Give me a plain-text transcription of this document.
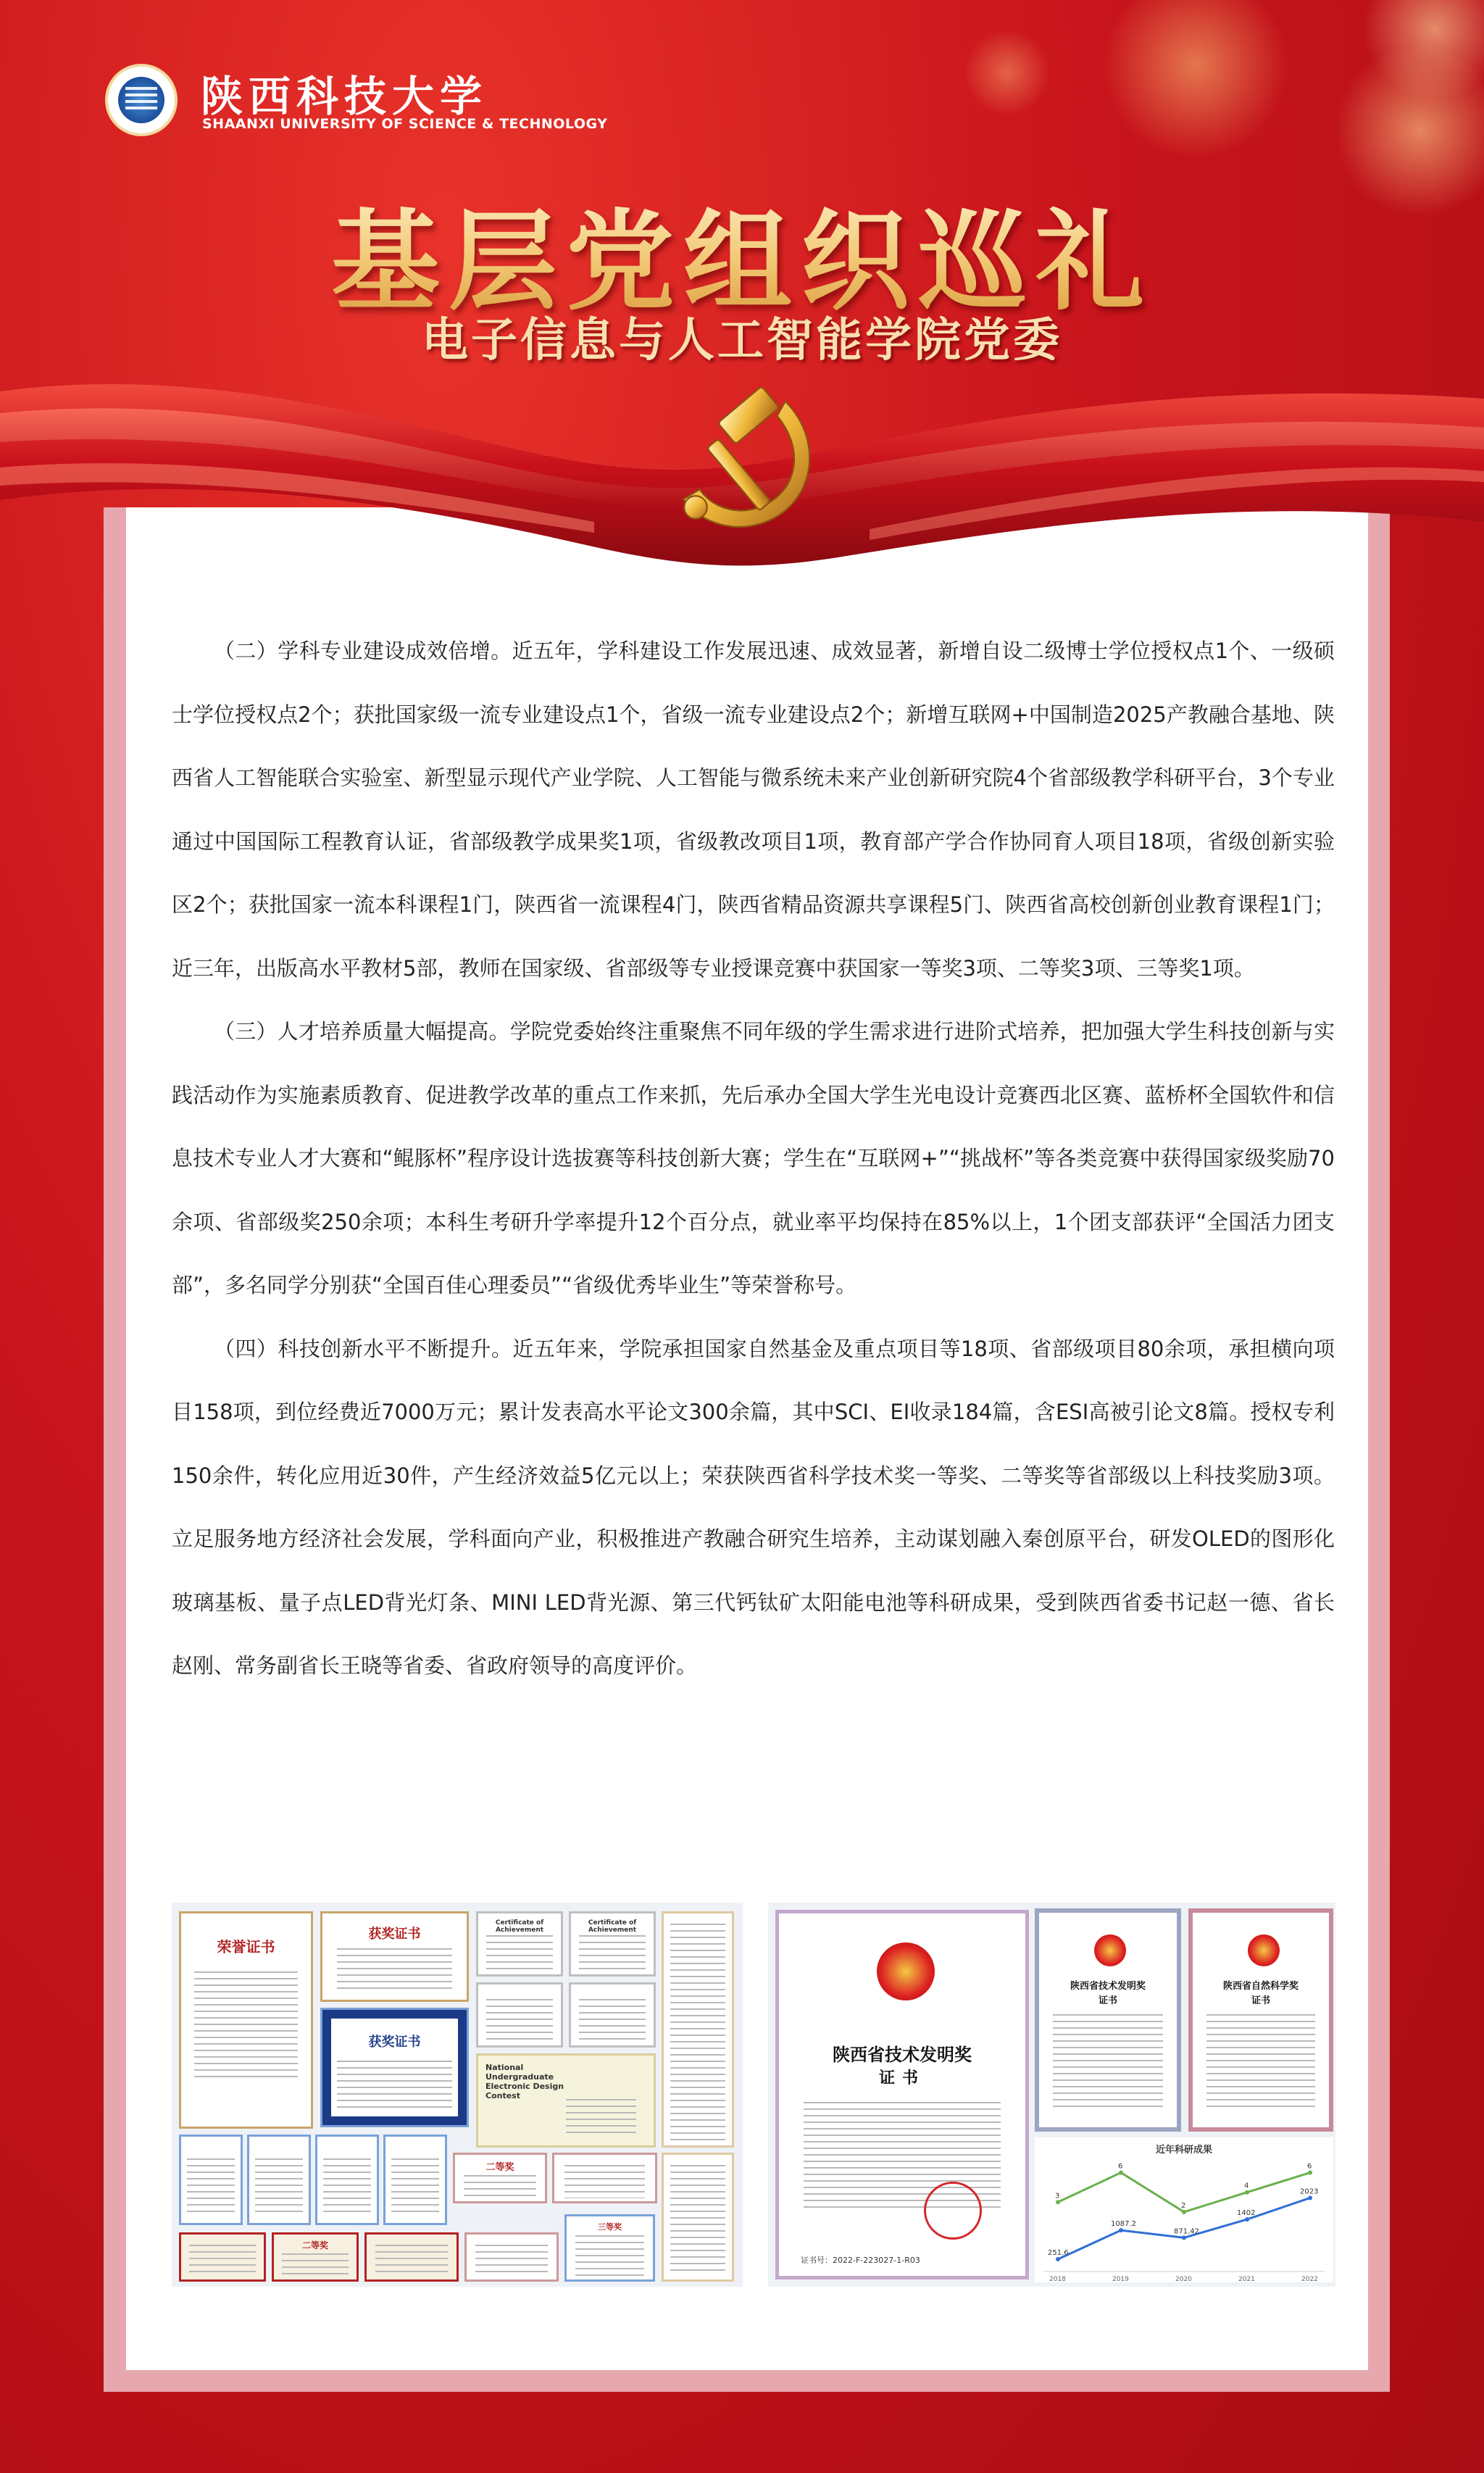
陕西科技大学
SHAANXI UNIVERSITY OF SCIENCE & TECHNOLOGY
基层党组织巡礼
电子信息与人工智能学院党委

（二）学科专业建设成效倍增。近五年，学科建设工作发展迅速、成效显著，新增自设二级博士学位授权点1个、一级硕士学位授权点2个；获批国家级一流专业建设点1个，省级一流专业建设点2个；新增互联网+中国制造2025产教融合基地、陕西省人工智能联合实验室、新型显示现代产业学院、人工智能与微系统未来产业创新研究院4个省部级教学科研平台，3个专业通过中国国际工程教育认证，省部级教学成果奖1项，省级教改项目1项，教育部产学合作协同育人项目18项，省级创新实验区2个；获批国家一流本科课程1门，陕西省一流课程4门，陕西省精品资源共享课程5门、陕西省高校创新创业教育课程1门；近三年，出版高水平教材5部，教师在国家级、省部级等专业授课竞赛中获国家一等奖3项、二等奖3项、三等奖1项。

（三）人才培养质量大幅提高。学院党委始终注重聚焦不同年级的学生需求进行进阶式培养，把加强大学生科技创新与实践活动作为实施素质教育、促进教学改革的重点工作来抓，先后承办全国大学生光电设计竞赛西北区赛、蓝桥杯全国软件和信息技术专业人才大赛和“鲲豚杯”程序设计选拔赛等科技创新大赛；学生在“互联网+”“挑战杯”等各类竞赛中获得国家级奖励70余项、省部级奖250余项；本科生考研升学率提升12个百分点，就业率平均保持在85%以上，1个团支部获评“全国活力团支部”，多名同学分别获“全国百佳心理委员”“省级优秀毕业生”等荣誉称号。

（四）科技创新水平不断提升。近五年来，学院承担国家自然基金及重点项目等18项、省部级项目80余项，承担横向项目158项，到位经费近7000万元；累计发表高水平论文300余篇，其中SCI、EI收录184篇，含ESI高被引论文8篇。授权专利150余件，转化应用近30件，产生经济效益5亿元以上；荣获陕西省科学技术奖一等奖、二等奖等省部级以上科技奖励3项。立足服务地方经济社会发展，学科面向产业，积极推进产教融合研究生培养，主动谋划融入秦创原平台，研发OLED的图形化玻璃基板、量子点LED背光灯条、MINI LED背光源、第三代钙钛矿太阳能电池等科研成果，受到陕西省委书记赵一德、省长赵刚、常务副省长王晓等省委、省政府领导的高度评价。

荣誉证书
获奖证书
获奖证书
Certificate of Achievement
Certificate of Achievement
National Undergraduate Electronic Design Contest
二等奖
二等奖
三等奖
陕西省技术发明奖
证书
证书号：2022-F-223027-1-R03
陕西省技术发明奖
证书
陕西省自然科学奖
证书
近年科研成果
3
6
2
4
6
251.6
1087.2
871.42
1402
2023
2018	2019	2020	2021	2022
